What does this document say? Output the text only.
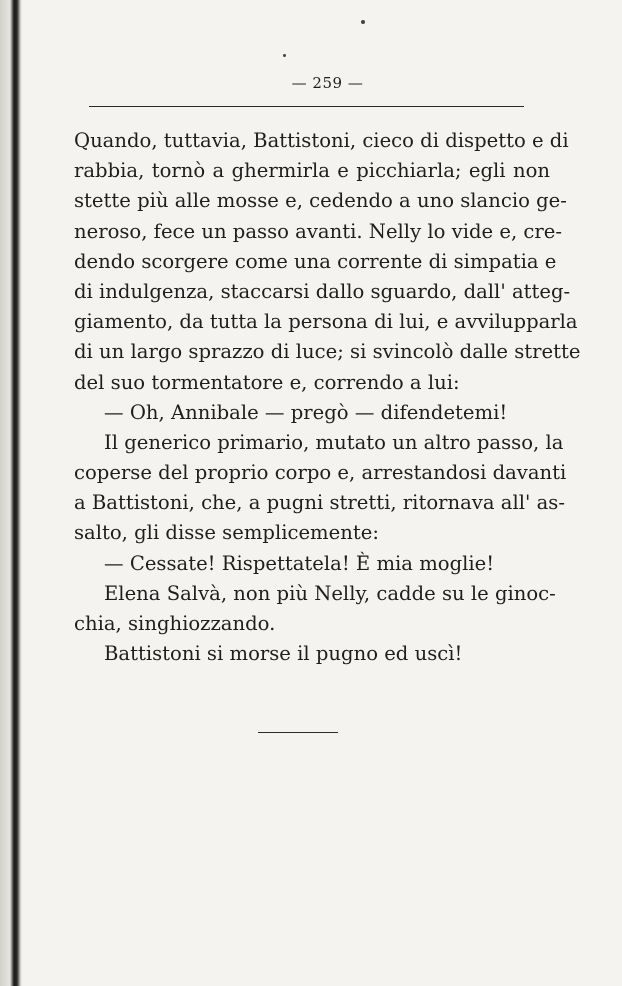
— 259 —
Quando, tuttavia, Battistoni, cieco di dispetto e di
rabbia, tornò a ghermirla e picchiarla; egli non
stette più alle mosse e, cedendo a uno slancio ge-
neroso, fece un passo avanti. Nelly lo vide e, cre-
dendo scorgere come una corrente di simpatia e
di indulgenza, staccarsi dallo sguardo, dall' atteg-
giamento, da tutta la persona di lui, e avvilupparla
di un largo sprazzo di luce; si svincolò dalle strette
del suo tormentatore e, correndo a lui:
— Oh, Annibale — pregò — difendetemi!
Il generico primario, mutato un altro passo, la
coperse del proprio corpo e, arrestandosi davanti
a Battistoni, che, a pugni stretti, ritornava all' as-
salto, gli disse semplicemente:
— Cessate! Rispettatela! È mia moglie!
Elena Salvà, non più Nelly, cadde su le ginoc-
chia, singhiozzando.
Battistoni si morse il pugno ed uscì!
